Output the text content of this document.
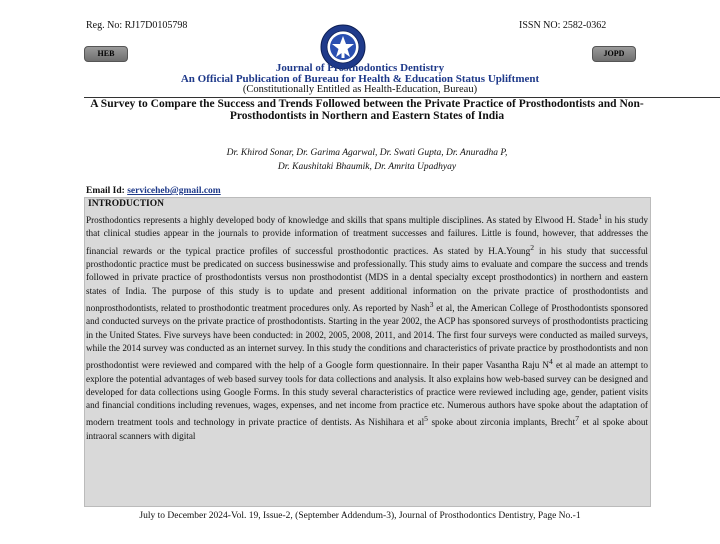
Reg. No: RJ17D0105798	ISSN NO: 2582-0362
HEB	JOPD
Journal of Prosthodontics Dentistry
An Official Publication of Bureau for Health & Education Status Upliftment
(Constitutionally Entitled as Health-Education, Bureau)
A Survey to Compare the Success and Trends Followed between the Private Practice of Prosthodontists and Non-Prosthodontists in Northern and Eastern States of India
Dr. Khirod Sonar, Dr. Garima Agarwal, Dr. Swati Gupta, Dr. Anuradha P,
Dr. Kaushitaki Bhaumik, Dr. Amrita Upadhyay
Email Id: serviceheb@gmail.com
INTRODUCTION

Prosthodontics represents a highly developed body of knowledge and skills that spans multiple disciplines. As stated by Elwood H. Stade$^1$ in his study that clinical studies appear in the journals to provide information of treatment successes and failures. Little is found, however, that addresses the financial rewards or the typical practice profiles of successful prosthodontic practices. As stated by H.A.Young$^2$ in his study that successful prosthodontic practice must be predicated on success businesswise and professionally. This study aims to evaluate and compare the success and trends followed in private practice of prosthodontists versus non prosthodontist (MDS in a dental specialty except prosthodontics) in northern and eastern states of India. The purpose of this study is to update and present additional information on the private practice of prosthodontists and nonprosthodontists, related to prosthodontic treatment procedures only. As reported by Nash$^3$ et al, the American College of Prosthodontists sponsored and conducted surveys on the private practice of prosthodontists. Starting in the year 2002, the ACP has sponsored surveys of prosthodontists practicing in the United States. Five surveys have been conducted: in 2002, 2005, 2008, 2011, and 2014. The first four surveys were conducted as mailed surveys, while the 2014 survey was conducted as an internet survey. In this study the conditions and characteristics of private practice by prosthodontists and non prosthodontist were reviewed and compared with the help of a Google form questionnaire. In their paper Vasantha Raju $N^4$ et al made an attempt to explore the potential advantages of web based survey tools for data collections and analysis. It also explains how web-based survey can be designed and developed for data collections using Google Forms. In this study several characteristics of practice were reviewed including age, gender, patient visits and financial conditions including revenues, wages, expenses, and net income from practice etc. Numerous authors have spoke about the adaptation of modern treatment tools and technology in private practice of dentists. As Nishihara et $al^5$ spoke about zirconia implants, Brecht$^7$ et al spoke about intraoral scanners with digital

July to December 2024-Vol. 19, Issue-2, (September Addendum-3), Journal of Prosthodontics Dentistry, Page No.-1
